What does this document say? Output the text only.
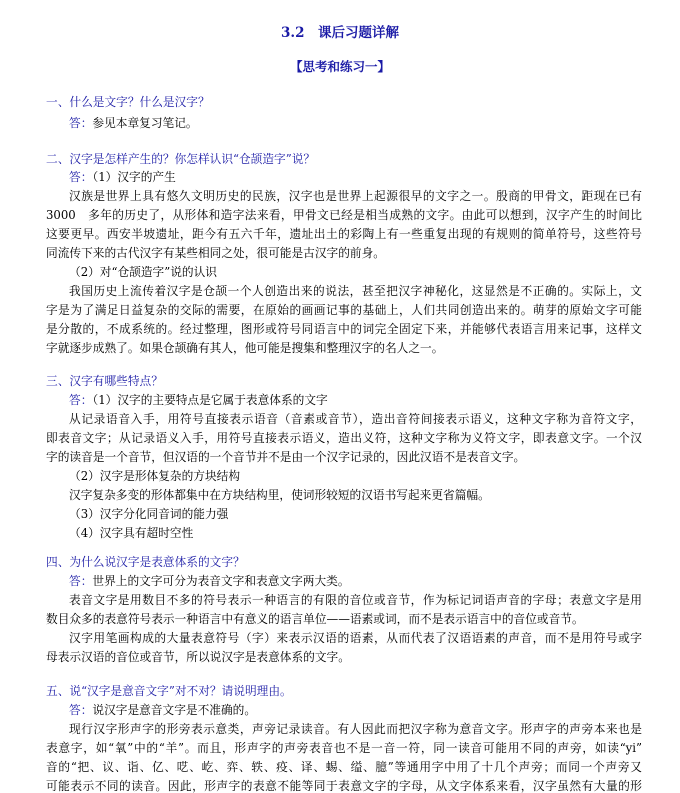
3.2　课后习题详解
【思考和练习一】
一、什么是文字？什么是汉字？
答：参见本章复习笔记。
二、汉字是怎样产生的？你怎样认识“仓颉造字”说？
答：（1）汉字的产生
汉族是世界上具有悠久文明历史的民族，汉字也是世界上起源很早的文字之一。殷商的甲骨文，距现在已有
3000　多年的历史了，从形体和造字法来看，甲骨文已经是相当成熟的文字。由此可以想到，汉字产生的时间比
这要更早。西安半坡遗址，距今有五六千年，遗址出土的彩陶上有一些重复出现的有规则的简单符号，这些符号
同流传下来的古代汉字有某些相同之处，很可能是古汉字的前身。
（2）对“仓颉造字”说的认识
我国历史上流传着汉字是仓颉一个人创造出来的说法，甚至把汉字神秘化，这显然是不正确的。实际上，文
字是为了满足日益复杂的交际的需要，在原始的画画记事的基础上，人们共同创造出来的。萌芽的原始文字可能
是分散的，不成系统的。经过整理，图形或符号同语言中的词完全固定下来，并能够代表语言用来记事，这样文
字就逐步成熟了。如果仓颉确有其人，他可能是搜集和整理汉字的名人之一。
三、汉字有哪些特点？
答：（1）汉字的主要特点是它属于表意体系的文字
从记录语音入手，用符号直接表示语音（音素或音节），造出音符间接表示语义，这种文字称为音符文字，
即表音文字；从记录语义入手，用符号直接表示语义，造出义符，这种文字称为义符文字，即表意文字。一个汉
字的读音是一个音节，但汉语的一个音节并不是由一个汉字记录的，因此汉语不是表音文字。
（2）汉字是形体复杂的方块结构
汉字复杂多变的形体都集中在方块结构里，使词形较短的汉语书写起来更省篇幅。
（3）汉字分化同音词的能力强
（4）汉字具有超时空性
四、为什么说汉字是表意体系的文字？
答：世界上的文字可分为表音文字和表意文字两大类。
表音文字是用数目不多的符号表示一种语言的有限的音位或音节，作为标记词语声音的字母；表意文字是用
数目众多的表意符号表示一种语言中有意义的语言单位——语素或词，而不是表示语言中的音位或音节。
汉字用笔画构成的大量表意符号（字）来表示汉语的语素，从而代表了汉语语素的声音，而不是用符号或字
母表示汉语的音位或音节，所以说汉字是表意体系的文字。
五、说“汉字是意音文字”对不对？请说明理由。
答：说汉字是意音文字是不准确的。
现行汉字形声字的形旁表示意类，声旁记录读音。有人因此而把汉字称为意音文字。形声字的声旁本来也是
表意字，如“氧”中的“羊”。而且，形声字的声旁表音也不是一音一符，同一读音可能用不同的声旁，如读“yi”
音的“把、议、诣、亿、呓、屹、弈、轶、疫、译、蜴、缢、臆”等通用字中用了十几个声旁；而同一个声旁又
可能表示不同的读音。因此，形声字的表意不能等同于表意文字的字母，从文字体系来看，汉字虽然有大量的形
